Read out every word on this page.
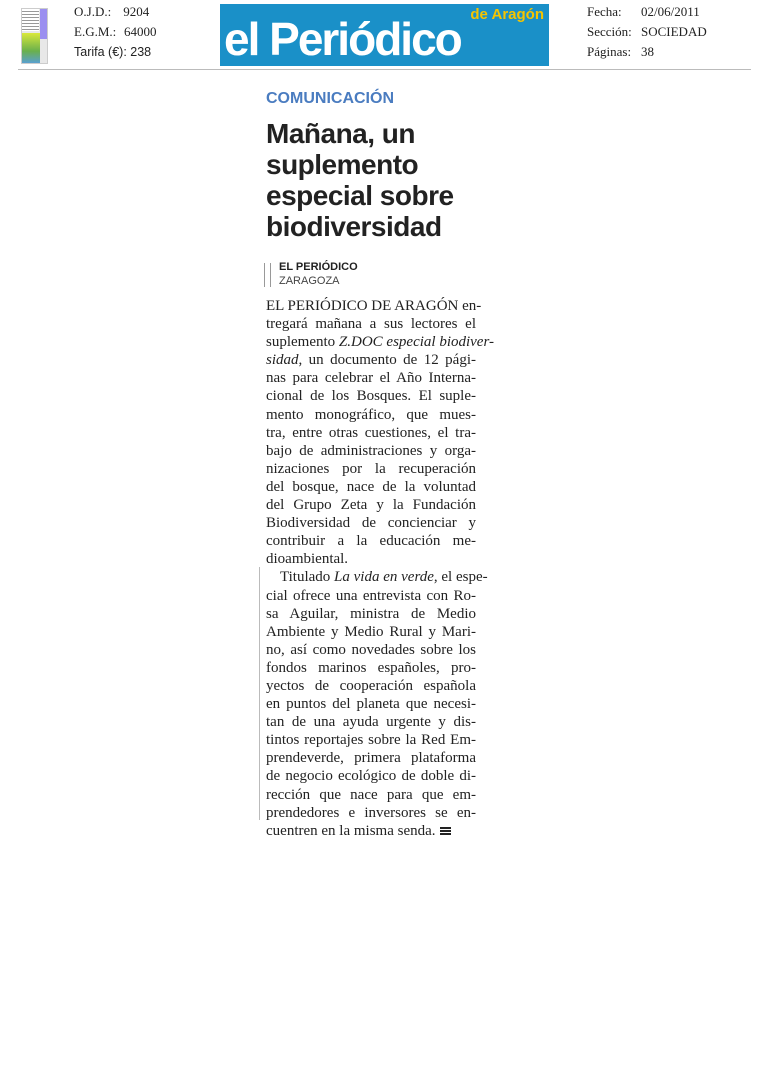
O.J.D.: 9204
E.G.M.: 64000
Tarifa (€): 238 el Periódico de Aragón	Fecha: 02/06/2011
Sección: SOCIEDAD
Páginas: 38
COMUNICACIÓN
Mañana, un
suplemento
especial sobre
biodiversidad
EL PERIÓDICO
ZARAGOZA
EL PERIÓDICO DE ARAGÓN en-
tregará mañana a sus lectores el
suplemento Z.DOC especial biodiver-
sidad, un documento de 12 pági-
nas para celebrar el Año Interna-
cional de los Bosques. El suple-
mento monográfico, que mues-
tra, entre otras cuestiones, el tra-
bajo de administraciones y orga-
nizaciones por la recuperación
del bosque, nace de la voluntad
del Grupo Zeta y la Fundación
Biodiversidad de concienciar y
contribuir a la educación me-
dioambiental.
Titulado La vida en verde, el espe-
cial ofrece una entrevista con Ro-
sa Aguilar, ministra de Medio
Ambiente y Medio Rural y Mari-
no, así como novedades sobre los
fondos marinos españoles, pro-
yectos de cooperación española
en puntos del planeta que necesi-
tan de una ayuda urgente y dis-
tintos reportajes sobre la Red Em-
prendeverde, primera plataforma
de negocio ecológico de doble di-
rección que nace para que em-
prendedores e inversores se en-
cuentren en la misma senda.
